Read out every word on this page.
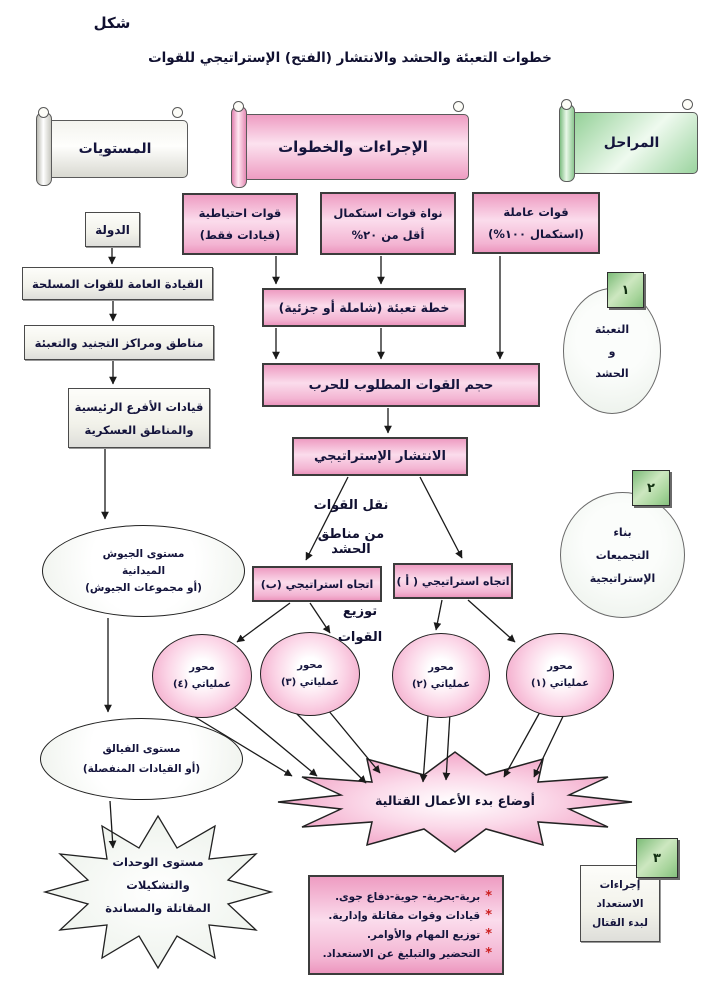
شكل
خطوات التعبئة والحشد والانتشار (الفتح) الإستراتيجي للقوات
المستويات	الإجراءات والخطوات	المراحل
قوات احتياطية
(قيادات فقط)
نواة قوات استكمال
أقل من ٢٠%
قوات عاملة
(استكمال ١٠٠%)
خطة تعبئة (شاملة أو جزئية)
حجم القوات المطلوب للحرب
الانتشار الإستراتيجي
الدولة
القيادة العامة للقوات المسلحة
مناطق ومراكز التجنيد والتعبئة
قيادات الأفرع الرئيسية
والمناطق العسكرية
مستوى الجيوش
الميدانية
(أو مجموعات الجيوش)
مستوى الفيالق
(أو القيادات المنفصلة)
مستوى الوحدات
والتشكيلات
المقاتلة والمساندة
نقل القوات
من مناطق الحشد
توزيع
القوات
اتجاه استراتيجي (ب)	اتجاه استراتيجي ( أ )
محور
عملياتي (٤)
محور
عملياتي (٣)
محور
عملياتي (٢)
محور
عملياتي (١)
أوضاع بدء الأعمال القتالية
التعبئة
و
الحشد
١
بناء
التجميعات
الإستراتيجية
٢
إجراءات
الاستعداد
لبدء القتال
٣
*
برية-بحرية- جوية-دفاع جوى.
*
قيادات وقوات مقاتلة وإدارية.
*
توزيع المهام والأوامر.
*
التحضير والتبليغ عن الاستعداد.
